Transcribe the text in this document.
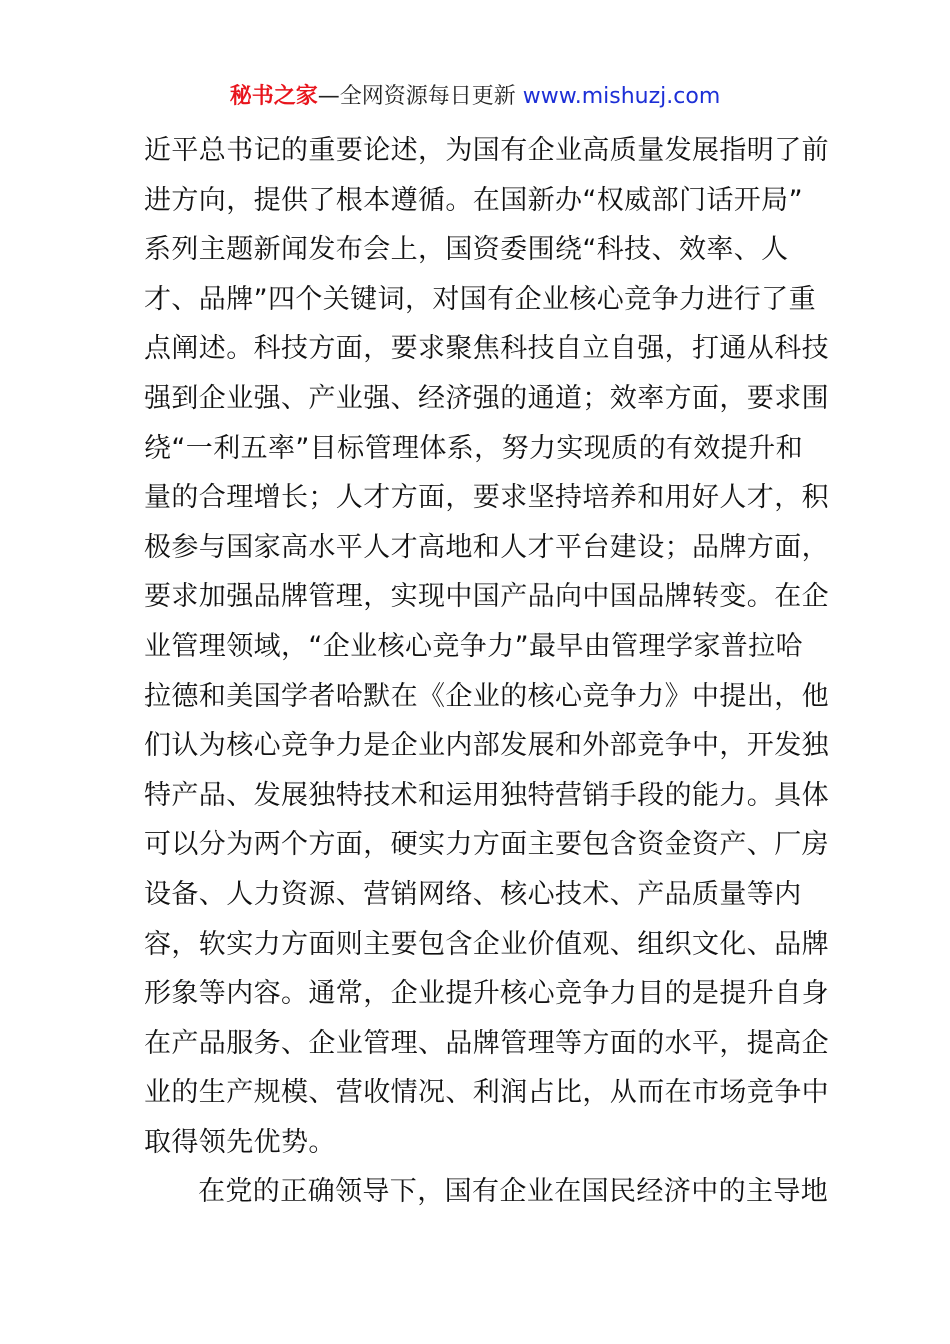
秘书之家—全网资源每日更新 www.mishuzj.com
近平总书记的重要论述，为国有企业高质量发展指明了前
进方向，提供了根本遵循。在国新办“权威部门话开局”
系列主题新闻发布会上，国资委围绕“科技、效率、人
才、品牌”四个关键词，对国有企业核心竞争力进行了重
点阐述。科技方面，要求聚焦科技自立自强，打通从科技
强到企业强、产业强、经济强的通道；效率方面，要求围
绕“一利五率”目标管理体系，努力实现质的有效提升和
量的合理增长；人才方面，要求坚持培养和用好人才，积
极参与国家高水平人才高地和人才平台建设；品牌方面，
要求加强品牌管理，实现中国产品向中国品牌转变。在企
业管理领域，“企业核心竞争力”最早由管理学家普拉哈
拉德和美国学者哈默在《企业的核心竞争力》中提出，他
们认为核心竞争力是企业内部发展和外部竞争中，开发独
特产品、发展独特技术和运用独特营销手段的能力。具体
可以分为两个方面，硬实力方面主要包含资金资产、厂房
设备、人力资源、营销网络、核心技术、产品质量等内
容，软实力方面则主要包含企业价值观、组织文化、品牌
形象等内容。通常，企业提升核心竞争力目的是提升自身
在产品服务、企业管理、品牌管理等方面的水平，提高企
业的生产规模、营收情况、利润占比，从而在市场竞争中
取得领先优势。
在党的正确领导下，国有企业在国民经济中的主导地
